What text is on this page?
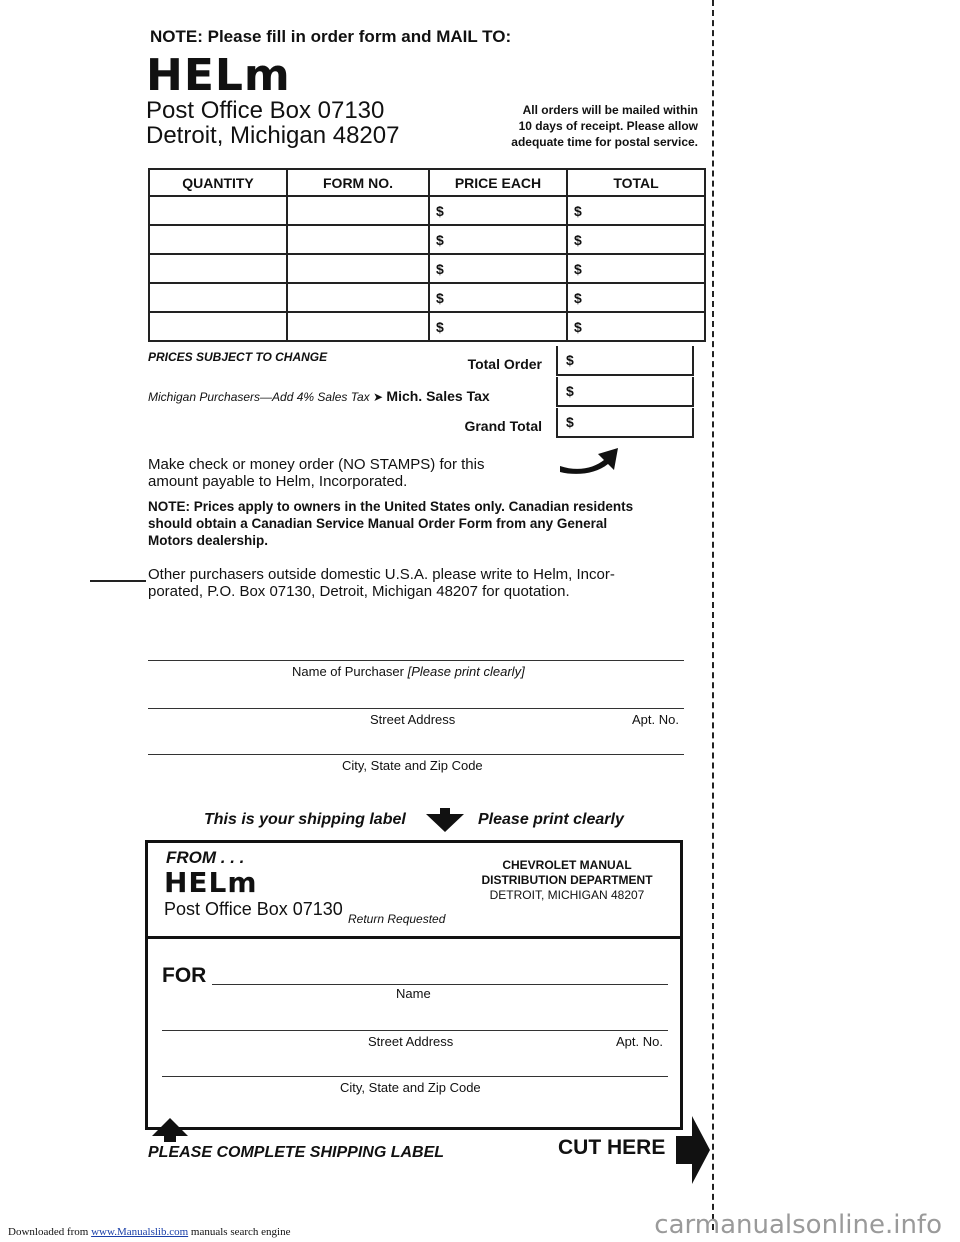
NOTE: Please fill in order form and MAIL TO:
HELm
Post Office Box 07130
Detroit, Michigan 48207
All orders will be mailed within
10 days of receipt. Please allow
adequate time for postal service.
QUANTITY	FORM NO.	PRICE EACH	TOTAL
		$	$
		$	$
		$	$
		$	$
		$	$
PRICES SUBJECT TO CHANGE	Total Order	$
Michigan Purchasers—Add 4% Sales Tax ➤ Mich. Sales Tax	$
Grand Total	$
Make check or money order (NO STAMPS) for this
amount payable to Helm, Incorporated.
NOTE: Prices apply to owners in the United States only. Canadian residents
should obtain a Canadian Service Manual Order Form from any General
Motors dealership.
Other purchasers outside domestic U.S.A. please write to Helm, Incor-
porated, P.O. Box 07130, Detroit, Michigan 48207 for quotation.
Name of Purchaser [Please print clearly]
Street Address	Apt. No.
City, State and Zip Code
This is your shipping label	Please print clearly
FROM . . .
HELm
Post Office Box 07130 Return Requested
CHEVROLET MANUAL
DISTRIBUTION DEPARTMENT
DETROIT, MICHIGAN 48207
FOR
Name
Street Address	Apt. No.
City, State and Zip Code
PLEASE COMPLETE SHIPPING LABEL	CUT HERE
Downloaded from www.Manualslib.com manuals search engine	carmanualsonline.info
